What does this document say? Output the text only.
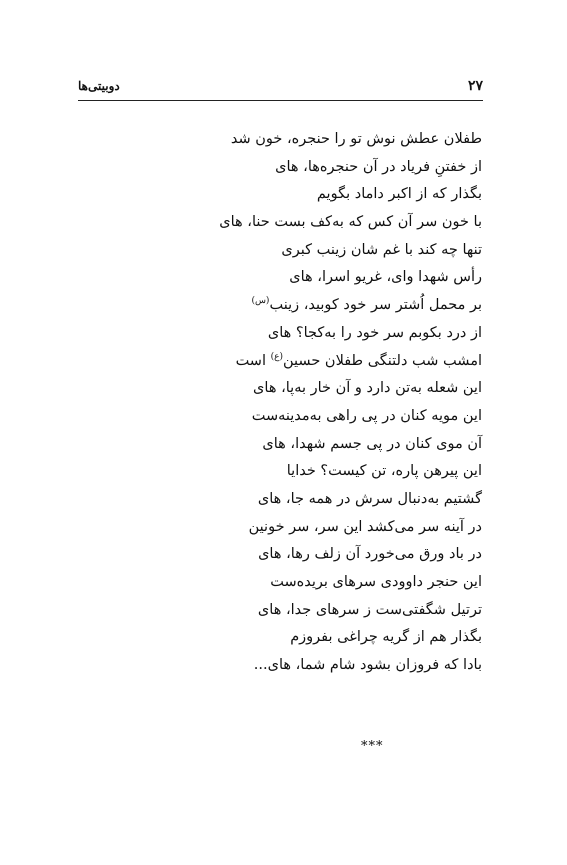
۲۷
دوبیتی‌ها
طفلان عطش نوش تو را حنجره، خون شد
از خفتنِ فریاد در آن حنجره‌ها، های
بگذار که از اکبر داماد بگویم
با خون سر آن کس که به‌کف بست حنا، های
تنها چه کند با غم شان زینب کبری
رأس شهدا وای، غریو اسرا، های
بر محمل اُشتر سر خود کوبید، زینب$^{(س)}$
از درد بکوبم سر خود را به‌کجا؟ های
امشب شب دلتنگی طفلان حسین$^{(ع)}$ است
این شعله به‌تن دارد و آن خار به‌پا، های
این مویه کنان در پی راهی به‌مدینه‌ست
آن موی کنان در پی جسم شهدا، های
این پیرهن پاره، تن کیست؟ خدایا
گشتیم به‌دنبال سرش در همه جا، های
در آینه سر می‌کشد این سر، سر خونین
در باد ورق می‌خورد آن زلف رها، های
این حنجر داوودی سرهای بریده‌ست
ترتیل شگفتی‌ست ز سرهای جدا، های
بگذار هم از گریه چراغی بفروزم
بادا که فروزان بشود شام شما، های...
***
